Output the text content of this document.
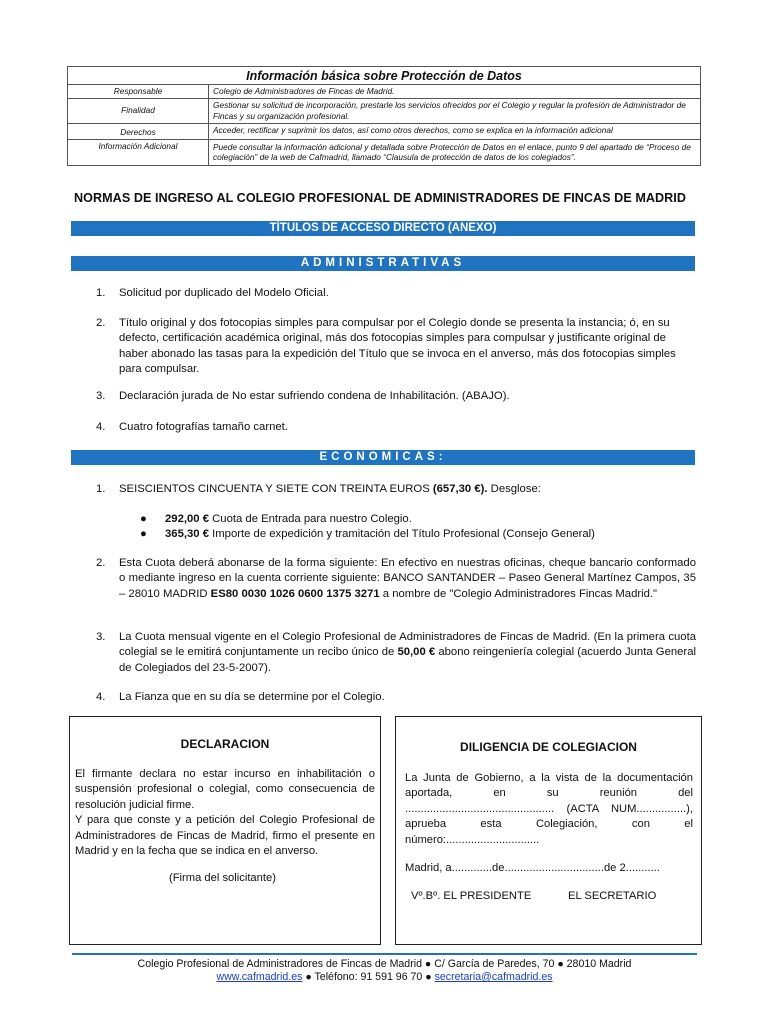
Información básica sobre Protección de Datos	
Responsable	Colegio de Administradores de Fincas de Madrid.
Finalidad	Gestionar su solicitud de incorporación, prestarle los servicios ofrecidos por el Colegio y regular la profesión de Administrador de Fincas y su organización profesional.
Derechos	Acceder, rectificar y suprimir los datos, así como otros derechos, como se explica en la información adicional
Información Adicional	Puede consultar la información adicional y detallada sobre Protección de Datos en el enlace, punto 9 del apartado de “Proceso de colegiación” de la web de Cafmadrid, llamado “Clausula de protección de datos de los colegiados”.
NORMAS DE INGRESO AL COLEGIO PROFESIONAL DE ADMINISTRADORES DE FINCAS DE MADRID
TÍTULOS DE ACCESO DIRECTO (ANEXO)
ADMINISTRATIVAS
1. Solicitud por duplicado del Modelo Oficial.
2. Título original y dos fotocopias simples para compulsar por el Colegio donde se presenta la instancia; ó, en su defecto, certificación académica original, más dos fotocopias simples para compulsar y justificante original de haber abonado las tasas para la expedición del Título que se invoca en el anverso, más dos fotocopias simples para compulsar.
3. Declaración jurada de No estar sufriendo condena de Inhabilitación. (ABAJO).
4. Cuatro fotografías tamaño carnet.
ECONOMICAS:
1. SEISCIENTOS CINCUENTA Y SIETE CON TREINTA EUROS (657,30 €). Desglose:
● 292,00 € Cuota de Entrada para nuestro Colegio.
● 365,30 € Importe de expedición y tramitación del Título Profesional (Consejo General)
2. Esta Cuota deberá abonarse de la forma siguiente: En efectivo en nuestras oficinas, cheque bancario conformado o mediante ingreso en la cuenta corriente siguiente: BANCO SANTANDER – Paseo General Martínez Campos, 35 – 28010 MADRID ES80 0030 1026 0600 1375 3271 a nombre de "Colegio Administradores Fincas Madrid."
3. La Cuota mensual vigente en el Colegio Profesional de Administradores de Fincas de Madrid. (En la primera cuota colegial se le emitirá conjuntamente un recibo único de 50,00 € abono reingeniería colegial (acuerdo Junta General de Colegiados del 23-5-2007).
4. La Fianza que en su día se determine por el Colegio.
DECLARACION
El firmante declara no estar incurso en inhabilitación o suspensión profesional o colegial, como consecuencia de resolución judicial firme.
Y para que conste y a petición del Colegio Profesional de Administradores de Fincas de Madrid, firmo el presente en Madrid y en la fecha que se indica en el anverso.
(Firma del solicitante)
DILIGENCIA DE COLEGIACION
La Junta de Gobierno, a la vista de la documentación aportada, en su reunión del ................................................ (ACTA NUM................), aprueba esta Colegiación, con el número:..............................
Madrid, a.............de................................de 2...........
Vº.Bº. EL PRESIDENTE	EL SECRETARIO
Colegio Profesional de Administradores de Fincas de Madrid ● C/ García de Paredes, 70 ● 28010 Madrid
www.cafmadrid.es ● Teléfono: 91 591 96 70 ● secretaria@cafmadrid.es
